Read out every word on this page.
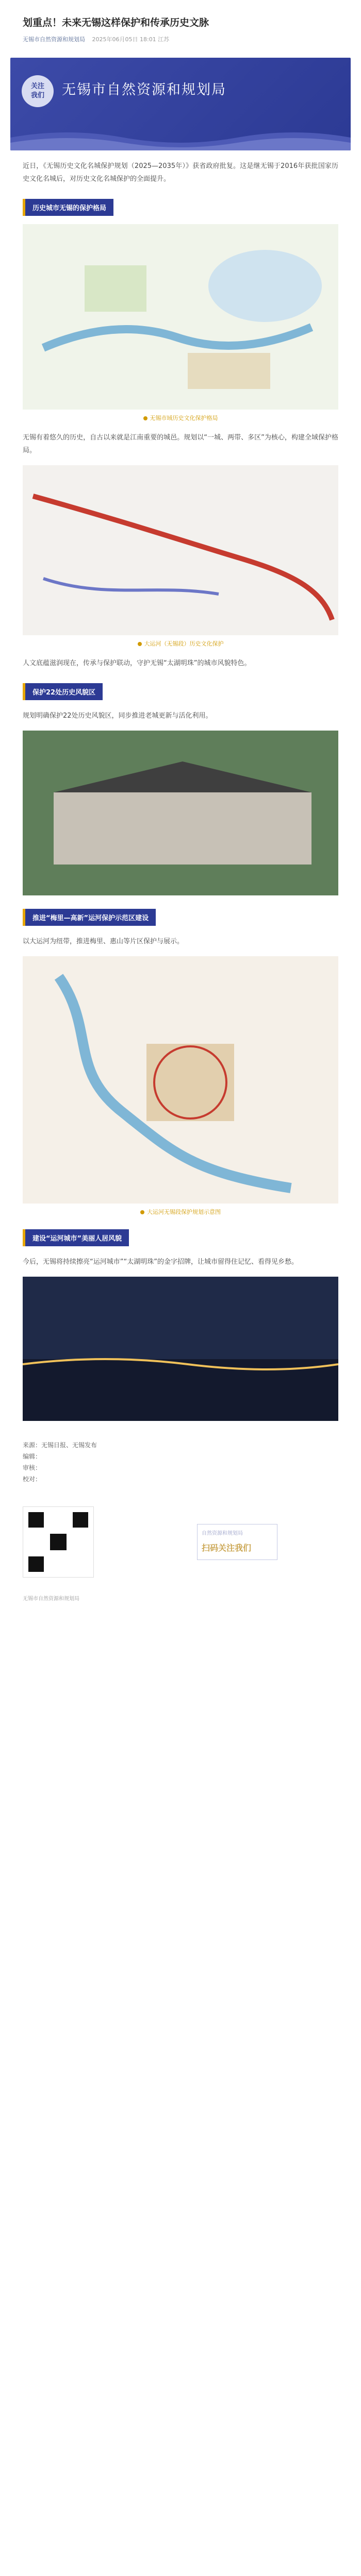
划重点！未来无锡这样保护和传承历史文脉
无锡市自然资源和规划局 2025年06月05日 18:01 江苏
关注
我们	无锡市自然资源和规划局

近日，《无锡历史文化名城保护规划（2025—2035年）》获省政府批复。这是继无锡于2016年获批国家历史文化名城后，对历史文化名城保护的全面提升。

历史城市无锡的保护格局
无锡市域历史文化保护格局

无锡有着悠久的历史，自古以来就是江南重要的城邑。规划以“一城、两带、多区”为核心，构建全域保护格局。

大运河（无锡段）历史文化保护

人文底蕴滋润现在，传承与保护联动，守护无锡“太湖明珠”的城市风貌特色。

保护22处历史风貌区

规划明确保护22处历史风貌区，同步推进老城更新与活化利用。

推进“梅里—高新”运河保护示范区建设

以大运河为纽带，推进梅里、惠山等片区保护与展示。

大运河无锡段保护规划示意图
建设“运河城市”美丽人居风貌

今后，无锡将持续擦亮“运河城市”“太湖明珠”的金字招牌，让城市留得住记忆、看得见乡愁。

来源：无锡日报、无锡发布
编辑：
审核：
校对：
自然资源和规划局
扫码关注我们
无锡市自然资源和规划局
